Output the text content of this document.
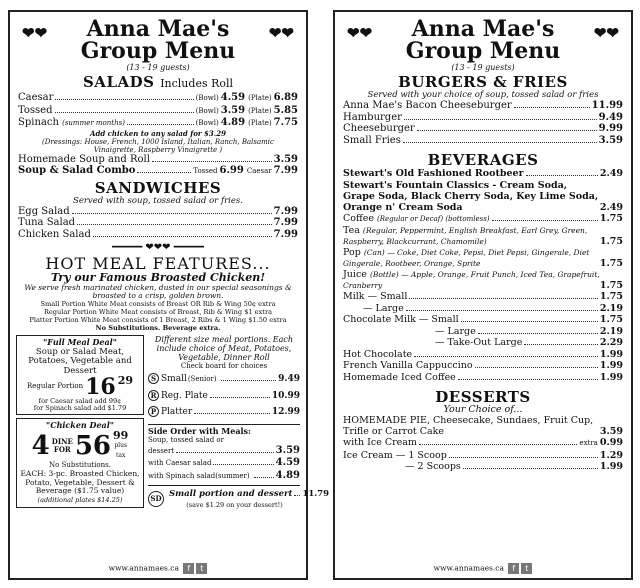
❤❤	Anna Mae's
Group Menu
❤❤
(13 - 19 guests)
SALADS Includes Roll
Caesar	(Bowl) 4.59 (Plate) 6.89
Tossed	(Bowl) 3.59 (Plate) 5.85
Spinach
(summer months)	(Bowl) 4.89 (Plate) 7.75
Add chicken to any salad for $3.29
(Dressings: House, French, 1000 Island, Italian, Ranch, Balsamic Vinaigrette, Raspberry Vinaigrette )
Homemade Soup and Roll	3.59
Soup & Salad Combo	Tossed 6.99 Caesar 7.99
SANDWICHES
Served with soup, tossed salad or fries.
Egg Salad	7.99
Tuna Salad	7.99
Chicken Salad	7.99
━━━━━ ❤❤❤ ━━━━━
HOT MEAL FEATURES...
Try our Famous Broasted Chicken!
We serve fresh marinated chicken, dusted in our special seasonings & broasted to a crisp, golden brown.
Small Portion White Meat consists of Breast OR Rib & Wing 50¢ extra
Regular Portion White Meat consists of Breast, Rib & Wing $1 extra
Platter Portion White Meat consists of 1 Breast, 2 Ribs & 1 Wing $1.50 extra
No Substitutions. Beverage extra.
"Full Meal Deal"
Soup or Salad Meat, Potatoes, Vegetable and Dessert
Regular Portion 16 29
for Caesar salad add 99¢
for Spinach salad add $1.79
"Chicken Deal"
4 DINE
FOR 56 99
plus
tax
No Substitutions.
EACH: 3-pc. Broasted Chicken, Potato, Vegetable, Dessert & Beverage ($1.75 value)
(additional plates $14.25)
Different size meal portions. Each include choice of Meat, Potatoes, Vegetable, Dinner Roll
Check board for choices
S Small (Senior)	9.49
R Reg. Plate	10.99
P Platter	12.99
Side Order with Meals:
Soup, tossed salad or
dessert	3.59
with Caesar salad	4.59
with Spinach salad (summer)	4.89
SD Small portion and dessert 11.79
(save $1.29 on your dessert!)
www.annamaes.ca f t
❤❤	Anna Mae's
Group Menu
❤❤
(13 - 19 guests)
BURGERS & FRIES
Served with your choice of soup, tossed salad or fries
Anna Mae's Bacon Cheeseburger	11.99
Hamburger	9.49
Cheeseburger	9.99
Small Fries	3.59
BEVERAGES
Stewart's Old Fashioned Rootbeer	2.49
Stewart's Fountain Classics - Cream Soda, Grape Soda, Black Cherry Soda, Key Lime Soda, Orange n' Cream Soda	2.49
Coffee
(Regular or Decaf) (bottomless)	1.75
Tea (Regular, Peppermint, English Breakfast, Earl Grey, Green, Raspberry, Blackcurrant, Chamomile)	1.75
Pop (Can) — Coke, Diet Coke, Pepsi, Diet Pepsi, Gingerale, Diet Gingerale, Rootbeer, Orange, Sprite	1.75
Juice (Bottle) — Apple, Orange, Fruit Punch, Iced Tea, Grapefruit, Cranberry	1.75
Milk — Small	1.75
— Large	2.19
Chocolate Milk — Small	1.75
— Large	2.19
— Take-Out Large	2.29
Hot Chocolate	1.99
French Vanilla Cappuccino	1.99
Homemade Iced Coffee	1.99
DESSERTS
Your Choice of...
HOMEMADE PIE, Cheesecake, Sundaes, Fruit Cup, Trifle or Carrot Cake	3.59
with Ice Cream	extra 0.99
Ice Cream — 1 Scoop	1.29
— 2 Scoops	1.99
www.annamaes.ca f t
